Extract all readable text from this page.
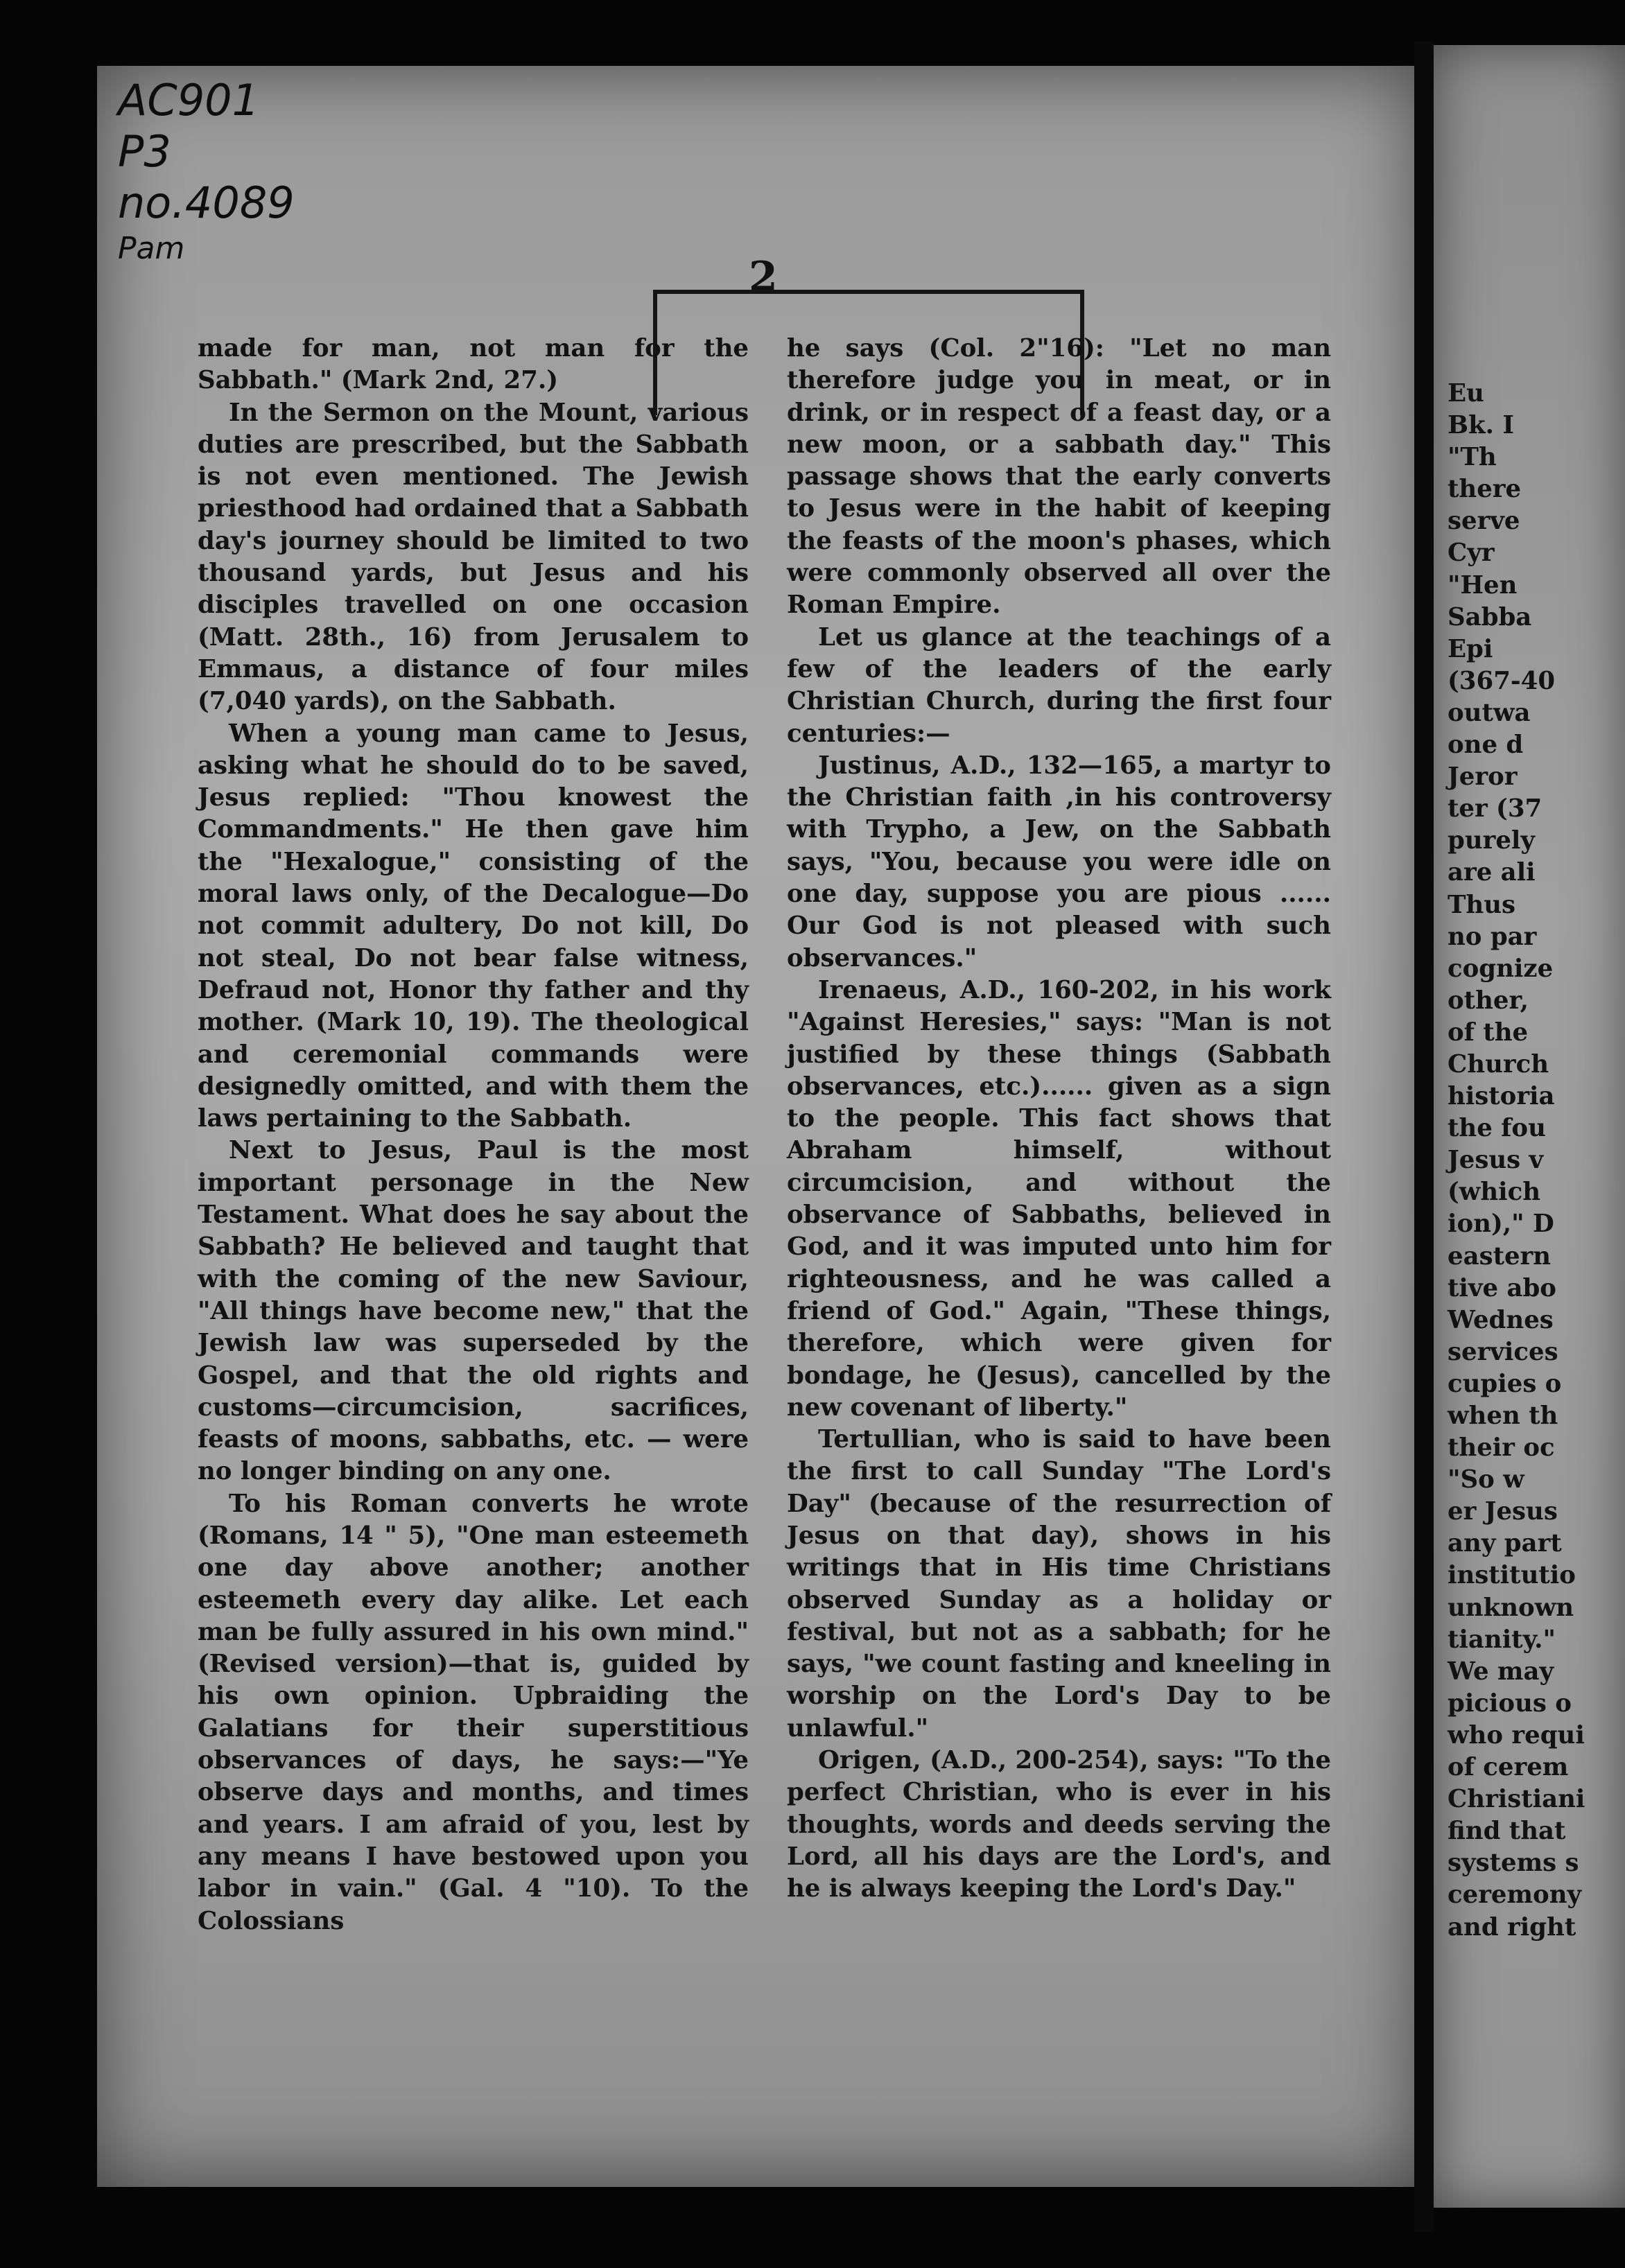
AC901
P3
no.4089
Pam
2

made for man, not man for the Sabbath." (Mark 2nd, 27.)

In the Sermon on the Mount, various duties are prescribed, but the Sabbath is not even mentioned. The Jewish priesthood had ordained that a Sabbath day's journey should be limited to two thousand yards, but Jesus and his disciples travelled on one occasion (Matt. 28th., 16) from Jerusalem to Emmaus, a distance of four miles (7,040 yards), on the Sabbath.

When a young man came to Jesus, asking what he should do to be saved, Jesus replied: "Thou knowest the Commandments." He then gave him the "Hexalogue," consisting of the moral laws only, of the Decalogue—Do not commit adultery, Do not kill, Do not steal, Do not bear false witness, Defraud not, Honor thy father and thy mother. (Mark 10, 19). The theological and ceremonial commands were designedly omitted, and with them the laws pertaining to the Sabbath.

Next to Jesus, Paul is the most important personage in the New Testament. What does he say about the Sabbath? He believed and taught that with the coming of the new Saviour, "All things have become new," that the Jewish law was superseded by the Gospel, and that the old rights and customs—circumcision, sacrifices, feasts of moons, sabbaths, etc. — were no longer binding on any one.

To his Roman converts he wrote (Romans, 14 " 5), "One man esteemeth one day above another; another esteemeth every day alike. Let each man be fully assured in his own mind." (Revised version)—that is, guided by his own opinion. Upbraiding the Galatians for their superstitious observances of days, he says:—"Ye observe days and months, and times and years. I am afraid of you, lest by any means I have bestowed upon you labor in vain." (Gal. 4 "10). To the Colossians

he says (Col. 2"16): "Let no man therefore judge you in meat, or in drink, or in respect of a feast day, or a new moon, or a sabbath day." This passage shows that the early converts to Jesus were in the habit of keeping the feasts of the moon's phases, which were commonly observed all over the Roman Empire.

Let us glance at the teachings of a few of the leaders of the early Christian Church, during the first four centuries:—

Justinus, A.D., 132—165, a martyr to the Christian faith ,in his controversy with Trypho, a Jew, on the Sabbath says, "You, because you were idle on one day, suppose you are pious ...... Our God is not pleased with such observances."

Irenaeus, A.D., 160-202, in his work "Against Heresies," says: "Man is not justified by these things (Sabbath observances, etc.)...... given as a sign to the people. This fact shows that Abraham himself, without circumcision, and without the observance of Sabbaths, believed in God, and it was imputed unto him for righteousness, and he was called a friend of God." Again, "These things, therefore, which were given for bondage, he (Jesus), cancelled by the new covenant of liberty."

Tertullian, who is said to have been the first to call Sunday "The Lord's Day" (because of the resurrection of Jesus on that day), shows in his writings that in His time Christians observed Sunday as a holiday or festival, but not as a sabbath; for he says, "we count fasting and kneeling in worship on the Lord's Day to be unlawful."

Origen, (A.D., 200-254), says: "To the perfect Christian, who is ever in his thoughts, words and deeds serving the Lord, all his days are the Lord's, and he is always keeping the Lord's Day."

Eu
Bk. I
"Th
there
serve
Cyr
"Hen
Sabba
Epi
(367-40
outwa
one d
Jeror
ter (37
purely
are ali
Thus
no par
cognize
other,
of the
Church
historia
the fou
Jesus v
(which
ion)," D
eastern
tive abo
Wednes
services
cupies o
when th
their oc
"So w
er Jesus
any part
institutio
unknown
tianity."
We may
picious o
who requi
of cerem
Christiani
find that
systems s
ceremony
and right
